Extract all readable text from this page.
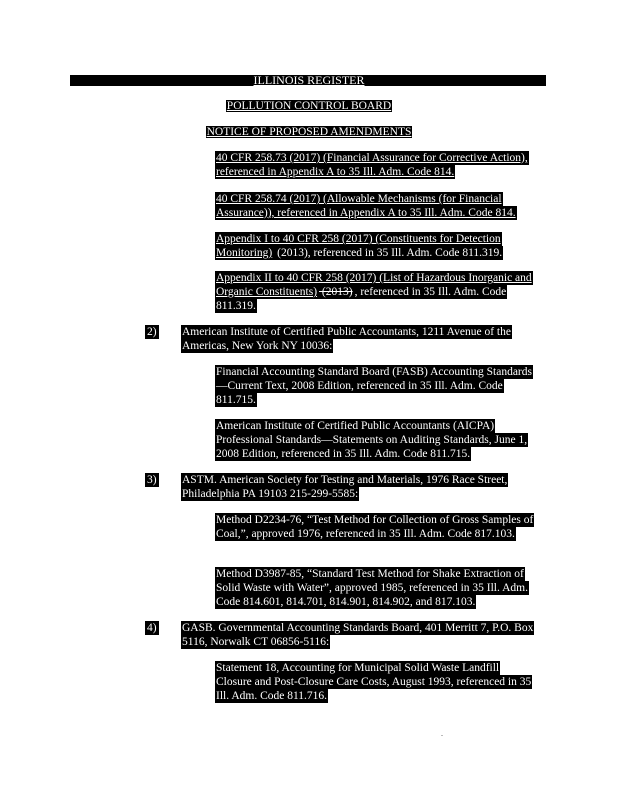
ILLINOIS REGISTER
POLLUTION CONTROL BOARD
NOTICE OF PROPOSED AMENDMENTS
40 CFR 258.73 (2017) (Financial Assurance for Corrective Action), referenced in Appendix A to 35 Ill. Adm. Code 814.
40 CFR 258.74 (2017) (Allowable Mechanisms (for Financial Assurance)), referenced in Appendix A to 35 Ill. Adm. Code 814.
Appendix I to 40 CFR 258 (2017) (Constituents for Detection Monitoring) (2013), referenced in 35 Ill. Adm. Code 811.319.
Appendix II to 40 CFR 258 (2017) (List of Hazardous Inorganic and Organic Constituents) (2013) , referenced in 35 Ill. Adm. Code 811.319.
2) American Institute of Certified Public Accountants, 1211 Avenue of the Americas, New York NY 10036:
Financial Accounting Standard Board (FASB) Accounting Standards—Current Text, 2008 Edition, referenced in 35 Ill. Adm. Code 811.715.
American Institute of Certified Public Accountants (AICPA) Professional Standards—Statements on Auditing Standards, June 1, 2008 Edition, referenced in 35 Ill. Adm. Code 811.715.
3) ASTM. American Society for Testing and Materials, 1976 Race Street, Philadelphia PA 19103 215-299-5585:
Method D2234-76, “Test Method for Collection of Gross Samples of Coal,”, approved 1976, referenced in 35 Ill. Adm. Code 817.103.
Method D3987-85, “Standard Test Method for Shake Extraction of Solid Waste with Water”, approved 1985, referenced in 35 Ill. Adm. Code 814.601, 814.701, 814.901, 814.902, and 817.103.
4) GASB. Governmental Accounting Standards Board, 401 Merritt 7, P.O. Box 5116, Norwalk CT 06856-5116:
Statement 18, Accounting for Municipal Solid Waste Landfill Closure and Post-Closure Care Costs, August 1993, referenced in 35 Ill. Adm. Code 811.716.
